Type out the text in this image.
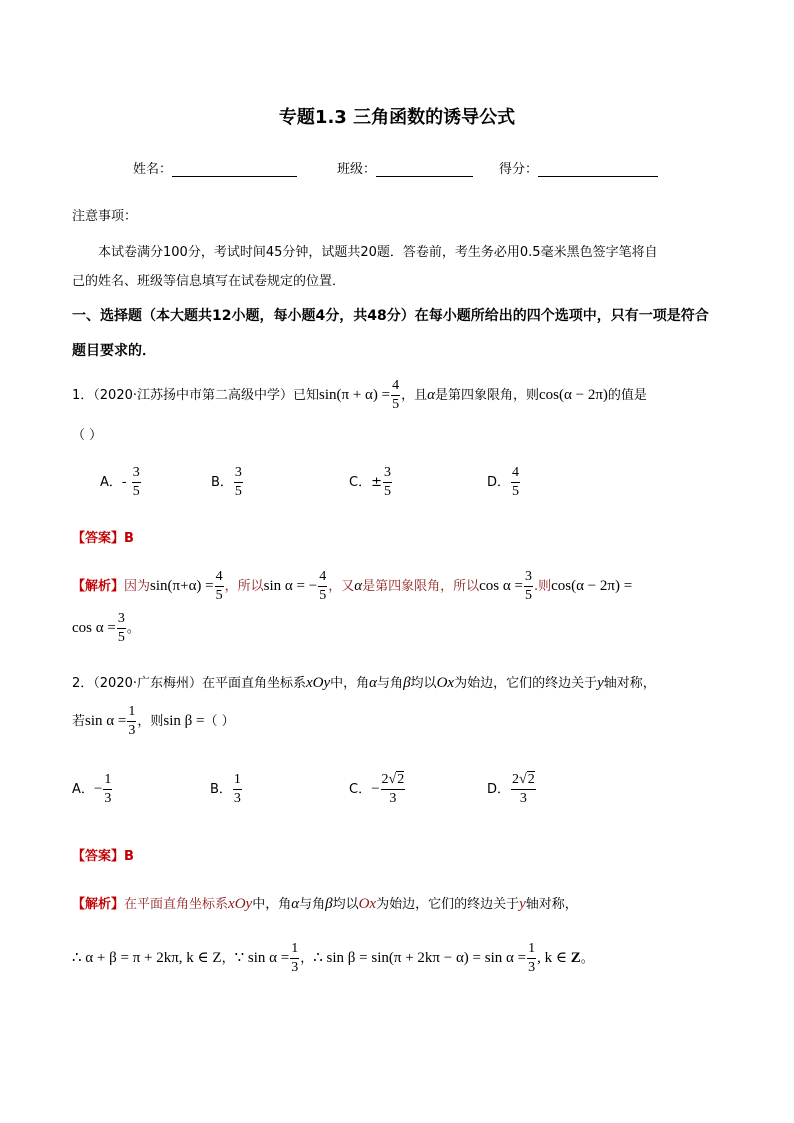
专题1.3 三角函数的诱导公式
姓名：	班级：	得分：
注意事项：
本试卷满分100分，考试时间45分钟，试题共20题．答卷前，考生务必用0.5毫米黑色签字笔将自
己的姓名、班级等信息填写在试卷规定的位置．
一、选择题（本大题共12小题，每小题4分，共48分）在每小题所给出的四个选项中，只有一项是符合
题目要求的．
1．（2020·江苏扬中市第二高级中学）已知$\sin(\pi + \alpha) = \frac{4}{5}$ ，且α是第四象限角，则cos(α − 2π)的值是
（ ）
A．- $\frac{3}{5}$	B． $\frac{3}{5}$	C．± $\frac{3}{5}$	D． $\frac{4}{5}$
【答案】B
【解析】因为$\sin(\pi+\alpha) = \frac{4}{5}$ ，所以sin α = − $\frac{4}{5}$ ，又α是第四象限角，所以$\cos \alpha = \frac{3}{5}$ .则cos(α − 2π) =
$\cos \alpha = \frac{3}{5}$ 。
2．（2020·广东梅州）在平面直角坐标系xOy中，角α与角β均以Ox为始边，它们的终边关于y轴对称，
若$\sin \alpha = \frac{1}{3}$ ，则sin β =（ ）
A．− $\frac{1}{3}$	B． $\frac{1}{3}$	C．− $\frac{2√2}{3}$	D． $\frac{2√2}{3}$
【答案】B
【解析】在平面直角坐标系xOy中，角α与角β均以Ox为始边，它们的终边关于y轴对称，
∴ α + β = π + 2kπ, k ∈ Z，∵ $\sin \alpha = \frac{1}{3}$ ，∴ $\sin \beta = \sin(\pi + 2k\pi - \alpha) = \sin \alpha = \frac{1}{3}$ , k ∈ Z。
